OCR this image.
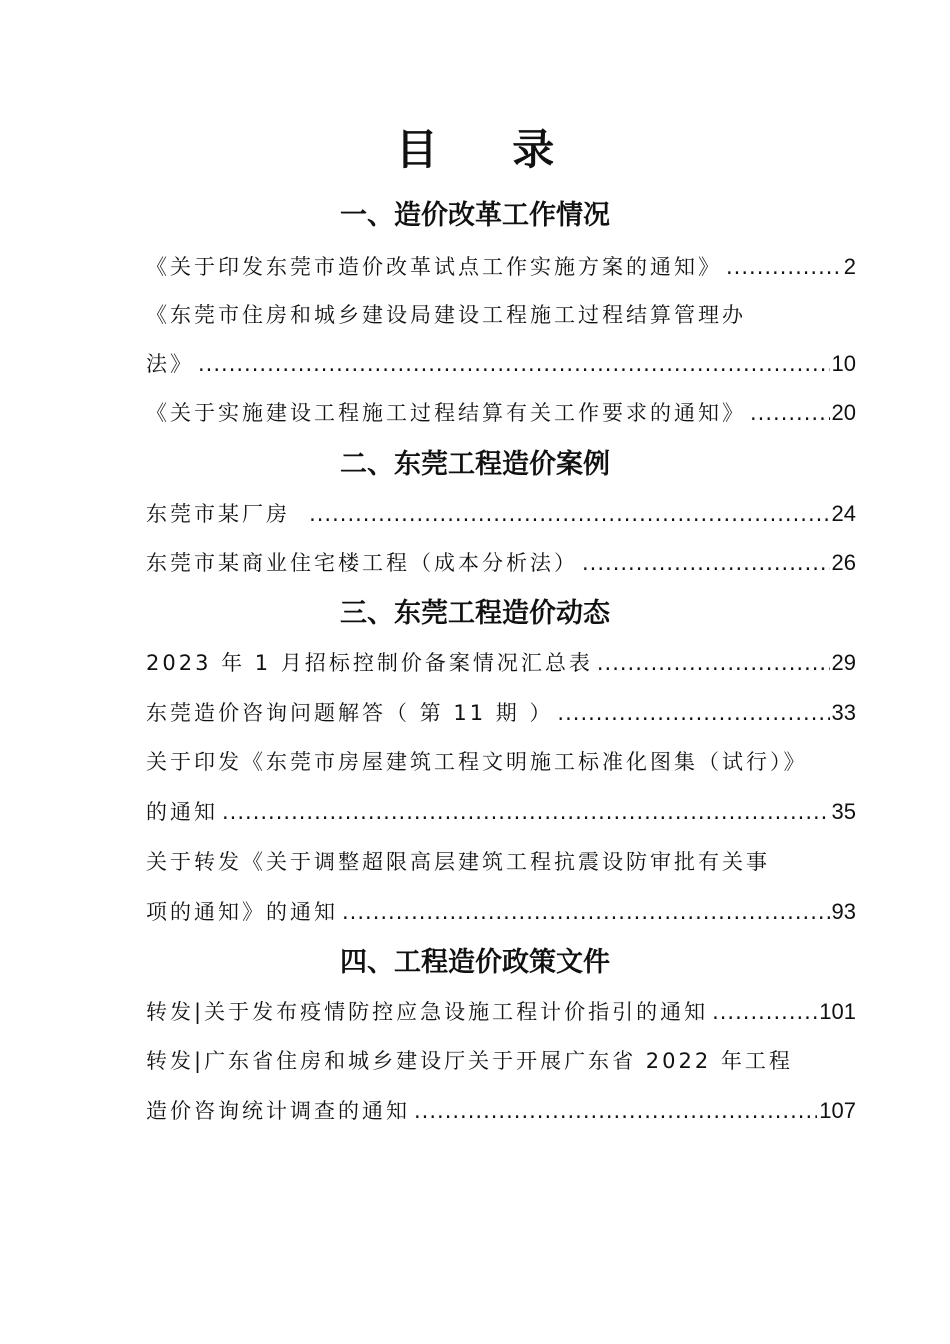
目 录
一、造价改革工作情况
《关于印发东莞市造价改革试点工作实施方案的通知》 .....	2
《东莞市住房和城乡建设局建设工程施工过程结算管理办
法》 .....	10
《关于实施建设工程施工过程结算有关工作要求的通知》 .....	20
二、东莞工程造价案例
东莞市某厂房 .....	24
东莞市某商业住宅楼工程（成本分析法） .....	26
三、东莞工程造价动态
2023 年 1 月招标控制价备案情况汇总表 .....	29
东莞造价咨询问题解答（ 第 11 期 ） .....	33
关于印发《东莞市房屋建筑工程文明施工标准化图集（试行）》
的通知 .....	35
关于转发《关于调整超限高层建筑工程抗震设防审批有关事
项的通知》的通知 .....	93
四、工程造价政策文件
转发|关于发布疫情防控应急设施工程计价指引的通知 .....	101
转发|广东省住房和城乡建设厅关于开展广东省 2022 年工程
造价咨询统计调查的通知 .....	107
